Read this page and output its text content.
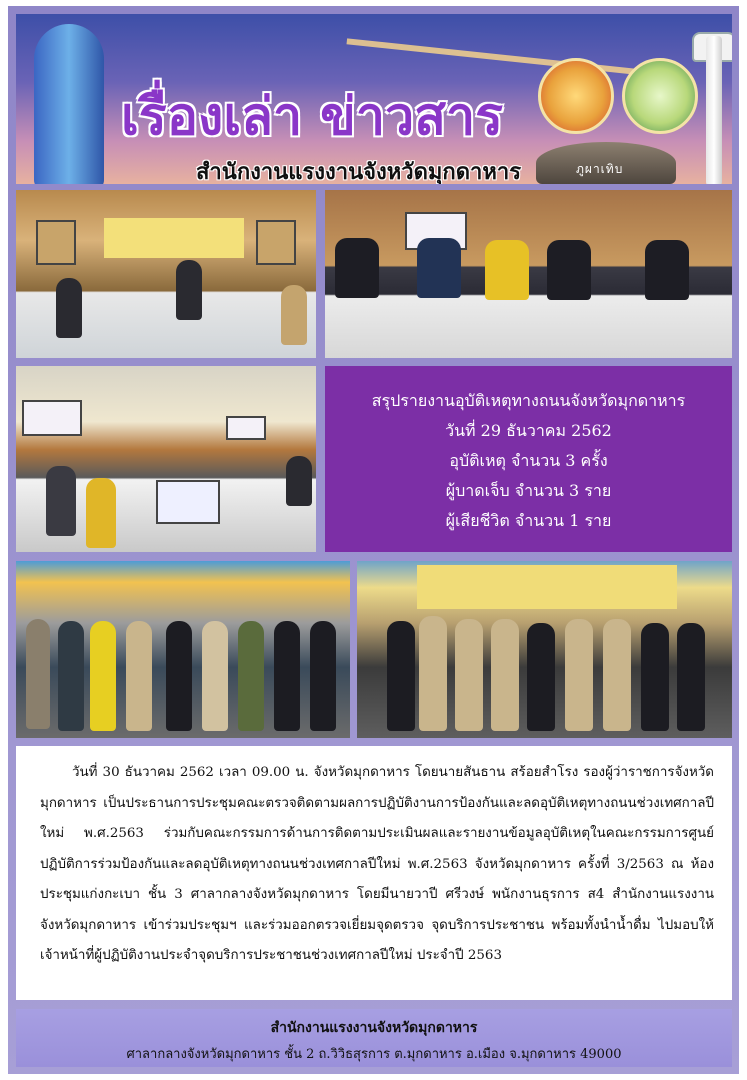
ภูผาเทิบ
เรื่องเล่า ข่าวสาร
สำนักงานแรงงานจังหวัดมุกดาหาร
สรุปรายงานอุบัติเหตุทางถนนจังหวัดมุกดาหาร
วันที่ 29 ธันวาคม 2562
อุบัติเหตุ จำนวน 3 ครั้ง
ผู้บาดเจ็บ จำนวน 3 ราย
ผู้เสียชีวิต จำนวน 1 ราย
วันที่ 30 ธันวาคม 2562 เวลา 09.00 น. จังหวัดมุกดาหาร โดยนายสันธาน สร้อยสำโรง รองผู้ว่าราชการจังหวัดมุกดาหาร เป็นประธานการประชุมคณะตรวจติดตามผลการปฏิบัติงานการป้องกันและลดอุบัติเหตุทางถนนช่วงเทศกาลปีใหม่ พ.ศ.2563 ร่วมกับคณะกรรมการด้านการติดตามประเมินผลและรายงานข้อมูลอุบัติเหตุในคณะกรรมการศูนย์ปฏิบัติการร่วมป้องกันและลดอุบัติเหตุทางถนนช่วงเทศกาลปีใหม่ พ.ศ.2563 จังหวัดมุกดาหาร ครั้งที่ 3/2563 ณ ห้องประชุมแก่งกะเบา ชั้น 3 ศาลากลางจังหวัดมุกดาหาร โดยมีนายวาปี ศรีวงษ์ พนักงานธุรการ ส4 สำนักงานแรงงานจังหวัดมุกดาหาร เข้าร่วมประชุมฯ และร่วมออกตรวจเยี่ยมจุดตรวจ จุดบริการประชาชน พร้อมทั้งนำน้ำดื่ม ไปมอบให้เจ้าหน้าที่ผู้ปฏิบัติงานประจำจุดบริการประชาชนช่วงเทศกาลปีใหม่ ประจำปี 2563
สำนักงานแรงงานจังหวัดมุกดาหาร
ศาลากลางจังหวัดมุกดาหาร ชั้น 2 ถ.วิวิธสุรการ ต.มุกดาหาร อ.เมือง จ.มุกดาหาร 49000
